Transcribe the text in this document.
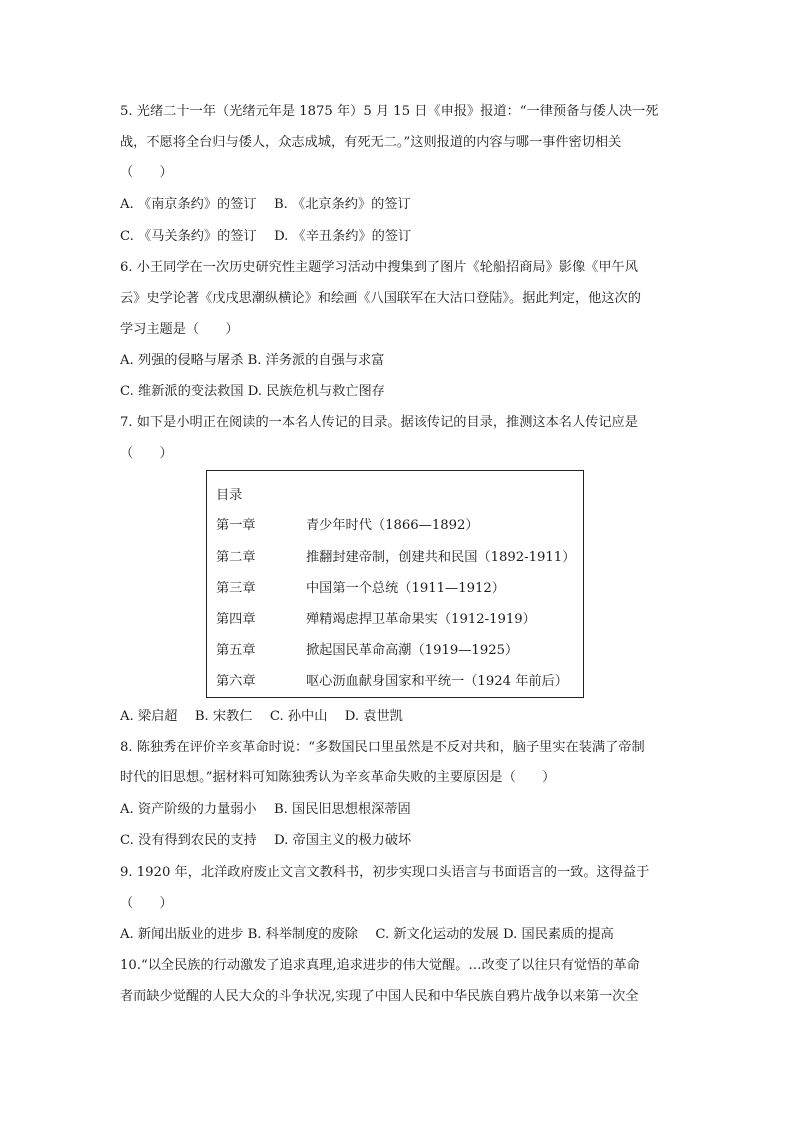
5. 光绪二十一年（光绪元年是 1875 年）5 月 15 日《申报》报道：“一律预备与倭人决一死
战，不愿将全台归与倭人，众志成城，有死无二。”这则报道的内容与哪一事件密切相关
（　　）
A. 《南京条约》的签订　 B. 《北京条约》的签订
C. 《马关条约》的签订　 D. 《辛丑条约》的签订
6. 小王同学在一次历史研究性主题学习活动中搜集到了图片《轮船招商局》影像《甲午风
云》史学论著《戊戌思潮纵横论》和绘画《八国联军在大沽口登陆》。据此判定，他这次的
学习主题是（　　）
A. 列强的侵略与屠杀 B. 洋务派的自强与求富
C. 维新派的变法救国 D. 民族危机与救亡图存
7. 如下是小明正在阅读的一本名人传记的目录。据该传记的目录，推测这本名人传记应是
（　　）
目录
第一章	青少年时代（1866—1892）
第二章	推翻封建帝制，创建共和民国（1892-1911）
第三章	中国第一个总统（1911—1912）
第四章	殚精竭虑捍卫革命果实（1912-1919）
第五章	掀起国民革命高潮（1919—1925）
第六章	呕心沥血献身国家和平统一（1924 年前后）
A. 梁启超　 B. 宋教仁　 C. 孙中山　 D. 袁世凯
8. 陈独秀在评价辛亥革命时说：“多数国民口里虽然是不反对共和，脑子里实在装满了帝制
时代的旧思想。”据材料可知陈独秀认为辛亥革命失败的主要原因是（　　）
A. 资产阶级的力量弱小　 B. 国民旧思想根深蒂固
C. 没有得到农民的支持　 D. 帝国主义的极力破坏
9. 1920 年，北洋政府废止文言文教科书，初步实现口头语言与书面语言的一致。这得益于
（　　）
A. 新闻出版业的进步 B. 科举制度的废除　 C. 新文化运动的发展 D. 国民素质的提高
10.“以全民族的行动激发了追求真理,追求进步的伟大觉醒。…改变了以往只有觉悟的革命
者而缺少觉醒的人民大众的斗争状况,实现了中国人民和中华民族自鸦片战争以来第一次全
